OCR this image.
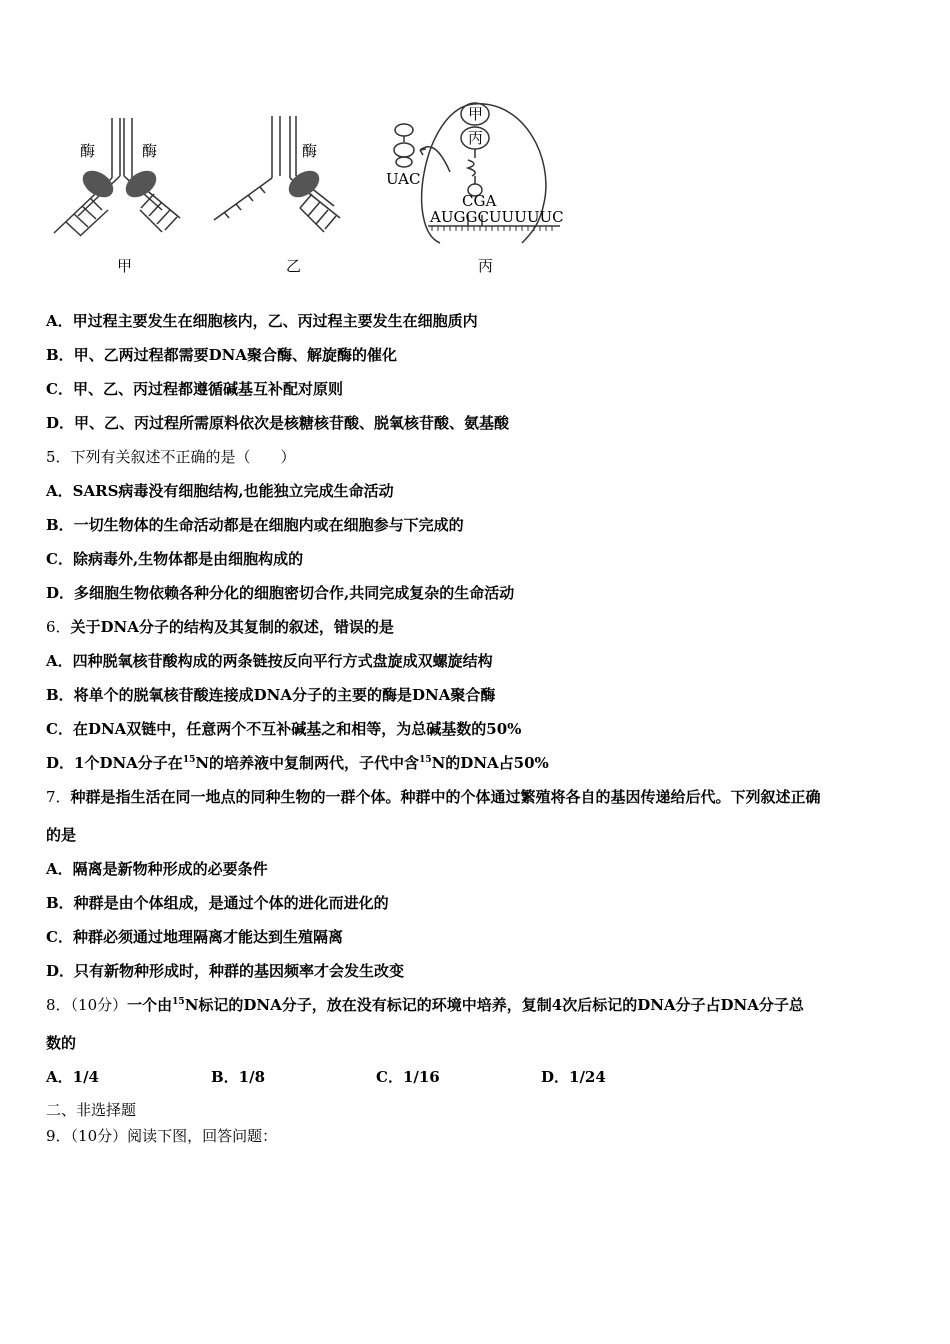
酶	酶
甲
酶
乙
甲
丙
UAC
CGA
AUGGCUUUUUC
丙
A．甲过程主要发生在细胞核内，乙、丙过程主要发生在细胞质内
B．甲、乙两过程都需要DNA聚合酶、解旋酶的催化
C．甲、乙、丙过程都遵循碱基互补配对原则
D．甲、乙、丙过程所需原料依次是核糖核苷酸、脱氧核苷酸、氨基酸
5．下列有关叙述不正确的是（　　）
A．SARS病毒没有细胞结构,也能独立完成生命活动
B．一切生物体的生命活动都是在细胞内或在细胞参与下完成的
C．除病毒外,生物体都是由细胞构成的
D．多细胞生物依赖各种分化的细胞密切合作,共同完成复杂的生命活动
6．关于DNA分子的结构及其复制的叙述，错误的是
A．四种脱氧核苷酸构成的两条链按反向平行方式盘旋成双螺旋结构
B．将单个的脱氧核苷酸连接成DNA分子的主要的酶是DNA聚合酶
C．在DNA双链中，任意两个不互补碱基之和相等，为总碱基数的50%
D．1个DNA分子在$^{15}$N的培养液中复制两代，子代中含$^{15}$N的DNA占50%
7．种群是指生活在同一地点的同种生物的一群个体。种群中的个体通过繁殖将各自的基因传递给后代。下列叙述正确
的是
A．隔离是新物种形成的必要条件
B．种群是由个体组成，是通过个体的进化而进化的
C．种群必须通过地理隔离才能达到生殖隔离
D．只有新物种形成时，种群的基因频率才会发生改变
8．（10分）一个由$^{15}$N标记的DNA分子，放在没有标记的环境中培养，复制4次后标记的DNA分子占DNA分子总
数的
A．1/4	B．1/8	C．1/16	D．1/24
二、非选择题
9．（10分）阅读下图，回答问题：
